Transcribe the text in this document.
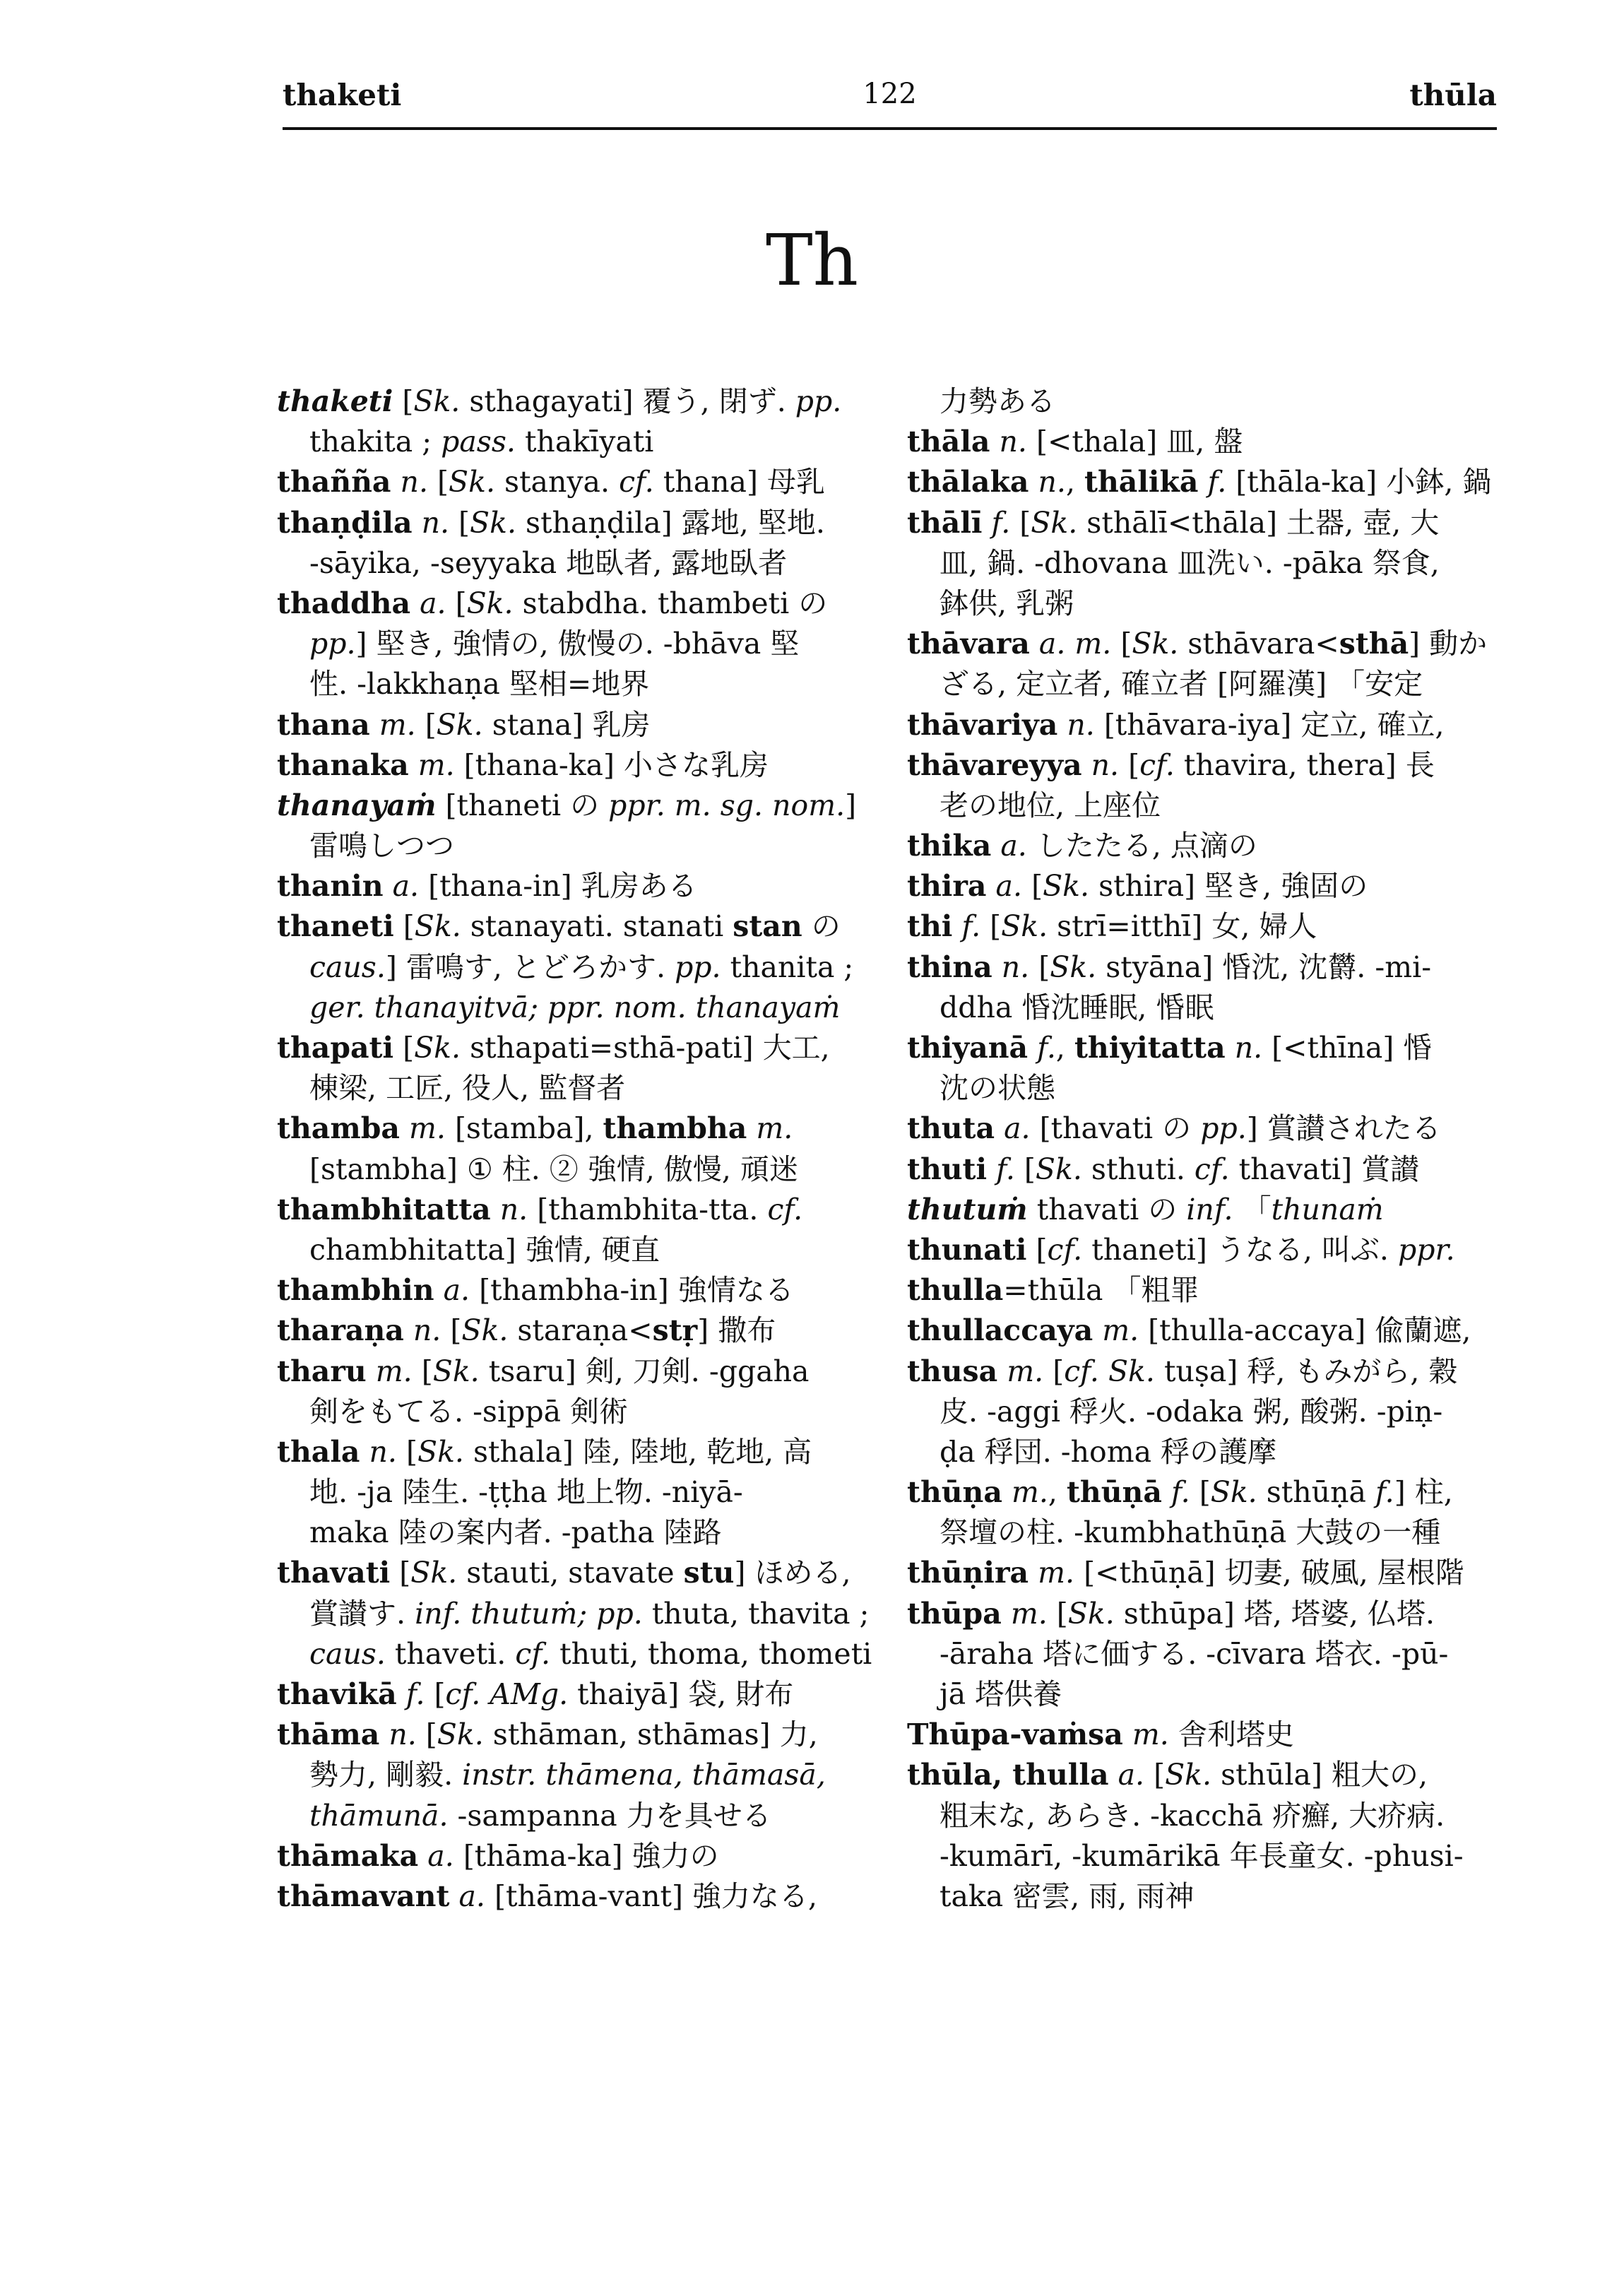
thaketi	122	thūla
Th
thaketi [Sk. sthagayati] 覆う, 閉ず. pp.
thakita ; pass. thakīyati
thañña n. [Sk. stanya. cf. thana] 母乳
thaṇḍila n. [Sk. sthaṇḍila] 露地, 堅地.
-sāyika, -seyyaka 地臥者, 露地臥者
thaddha a. [Sk. stabdha. thambeti の
pp.] 堅き, 強情の, 傲慢の. -bhāva 堅
性. -lakkhaṇa 堅相=地界
thana m. [Sk. stana] 乳房
thanaka m. [thana-ka] 小さな乳房
thanayaṁ [thaneti の ppr. m. sg. nom.]
雷鳴しつつ
thanin a. [thana-in] 乳房ある
thaneti [Sk. stanayati. stanati stan の
caus.] 雷鳴す, とどろかす. pp. thanita ;
ger. thanayitvā; ppr. nom. thanayaṁ
thapati [Sk. sthapati=sthā-pati] 大工,
棟梁, 工匠, 役人, 監督者
thamba m. [stamba], thambha m.
[stambha] ① 柱. ② 強情, 傲慢, 頑迷
thambhitatta n. [thambhita-tta. cf.
chambhitatta] 強情, 硬直
thambhin a. [thambha-in] 強情なる
tharaṇa n. [Sk. staraṇa<stṛ] 撒布
tharu m. [Sk. tsaru] 剣, 刀剣. -ggaha
剣をもてる. -sippā 剣術
thala n. [Sk. sthala] 陸, 陸地, 乾地, 高
地. -ja 陸生. -ṭṭha 地上物. -niyā-
maka 陸の案内者. -patha 陸路
thavati [Sk. stauti, stavate stu] ほめる,
賞讃す. inf. thutuṁ; pp. thuta, thavita ;
caus. thaveti. cf. thuti, thoma, thometi
thavikā f. [cf. AMg. thaiyā] 袋, 財布
thāma n. [Sk. sthāman, sthāmas] 力,
勢力, 剛毅. instr. thāmena, thāmasā,
thāmunā. -sampanna 力を具せる
thāmaka a. [thāma-ka] 強力の
thāmavant a. [thāma-vant] 強力なる,
力勢ある
thāla n. [<thala] 皿, 盤
thālaka n., thālikā f. [thāla-ka] 小鉢, 鍋
thālī f. [Sk. sthālī<thāla] 土器, 壺, 大
皿, 鍋. -dhovana 皿洗い. -pāka 祭食,
鉢供, 乳粥
thāvara a. m. [Sk. sthāvara<sthā] 動か
ざる, 定立者, 確立者 [阿羅漢] 「安定
thāvariya n. [thāvara-iya] 定立, 確立,
thāvareyya n. [cf. thavira, thera] 長
老の地位, 上座位
thika a. したたる, 点滴の
thira a. [Sk. sthira] 堅き, 強固の
thi f. [Sk. strī=itthī] 女, 婦人
thina n. [Sk. styāna] 惛沈, 沈欝. -mi-
ddha 惛沈睡眠, 惛眠
thiyanā f., thiyitatta n. [<thīna] 惛
沈の状態
thuta a. [thavati の pp.] 賞讃されたる
thuti f. [Sk. sthuti. cf. thavati] 賞讃
thutuṁ thavati の inf. 「thunaṁ
thunati [cf. thaneti] うなる, 叫ぶ. ppr.
thulla=thūla 「粗罪
thullaccaya m. [thulla-accaya] 偸蘭遮,
thusa m. [cf. Sk. tuṣa] 稃, もみがら, 穀
皮. -aggi 稃火. -odaka 粥, 酸粥. -piṇ-
ḍa 稃団. -homa 稃の護摩
thūṇa m., thūṇā f. [Sk. sthūṇā f.] 柱,
祭壇の柱. -kumbhathūṇā 大鼓の一種
thūṇira m. [<thūṇā] 切妻, 破風, 屋根階
thūpa m. [Sk. sthūpa] 塔, 塔婆, 仏塔.
-āraha 塔に価する. -cīvara 塔衣. -pū-
jā 塔供養
Thūpa-vaṁsa m. 舎利塔史
thūla, thulla a. [Sk. sthūla] 粗大の,
粗末な, あらき. -kacchā 疥癬, 大疥病.
-kumārī, -kumārikā 年長童女. -phusi-
taka 密雲, 雨, 雨神
